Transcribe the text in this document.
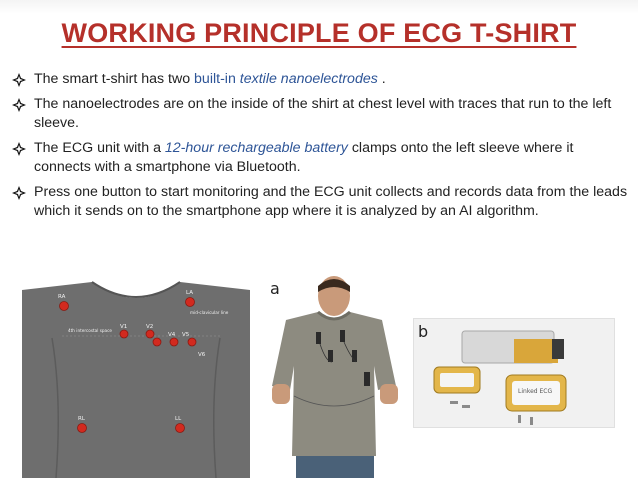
WORKING PRINCIPLE OF ECG T-SHIRT
The smart t-shirt has two built-in textile nanoelectrodes .
The nanoelectrodes are on the inside of the shirt at chest level with traces that run to the left sleeve.
The ECG unit with a 12-hour rechargeable battery clamps onto the left sleeve where it connects with a smartphone via Bluetooth.
Press one button to start monitoring and the ECG unit collects and records data from the leads which it sends on to the smartphone app where it is analyzed by an AI algorithm.
RA
LA
V1	V2
V4 V5
V6
RL	LL
4th intercostal space
mid-clavicular line
a
b
Linked ECG
